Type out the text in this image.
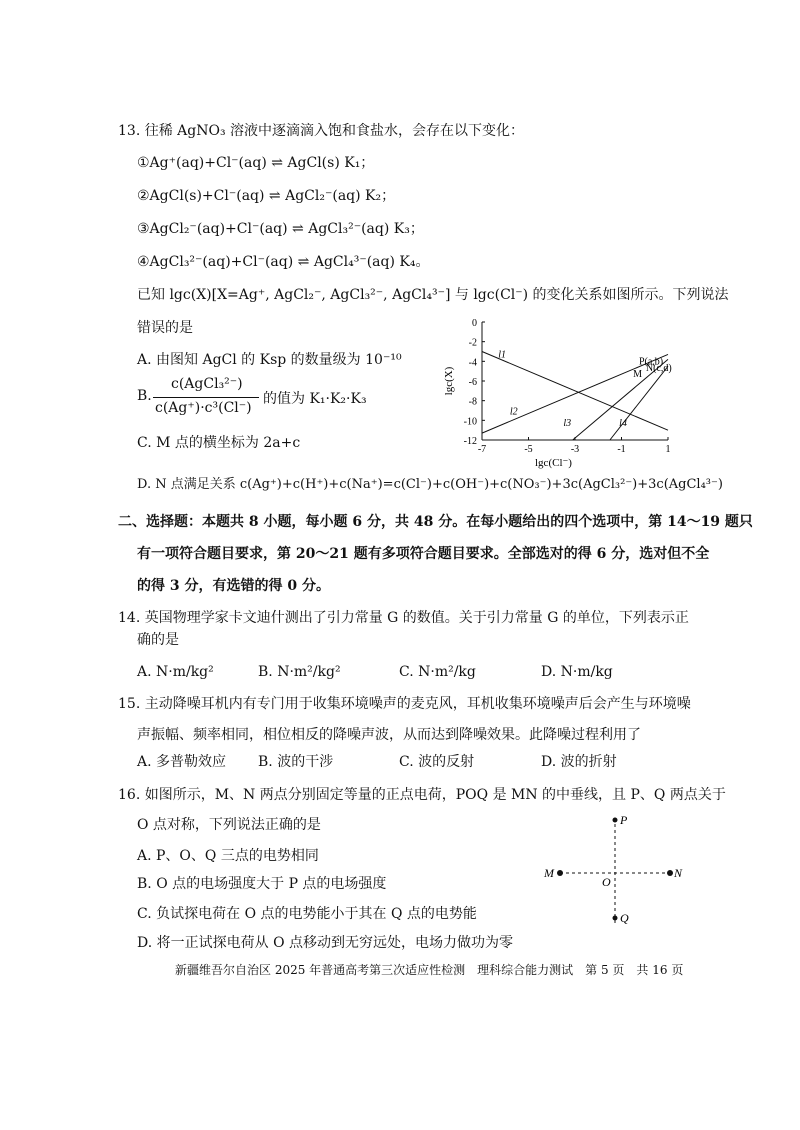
13. 往稀 AgNO₃ 溶液中逐滴滴入饱和食盐水，会存在以下变化：
①Ag⁺(aq)+Cl⁻(aq) ⇌ AgCl(s) K₁；
②AgCl(s)+Cl⁻(aq) ⇌ AgCl₂⁻(aq) K₂；
③AgCl₂⁻(aq)+Cl⁻(aq) ⇌ AgCl₃²⁻(aq) K₃；
④AgCl₃²⁻(aq)+Cl⁻(aq) ⇌ AgCl₄³⁻(aq) K₄。
已知 lgc(X)[X=Ag⁺, AgCl₂⁻, AgCl₃²⁻, AgCl₄³⁻] 与 lgc(Cl⁻) 的变化关系如图所示。下列说法
错误的是
A. 由图知 AgCl 的 Ksp 的数量级为 10⁻¹⁰
B.
c(AgCl₃²⁻)
c(Ag⁺)·c³(Cl⁻)
的值为 K₁·K₂·K₃
C. M 点的横坐标为 2a+c
D. N 点满足关系 c(Ag⁺)+c(H⁺)+c(Na⁺)=c(Cl⁻)+c(OH⁻)+c(NO₃⁻)+3c(AgCl₃²⁻)+3c(AgCl₄³⁻)
0
-2
-4
-6
-8
-10
-12
-7	-5	-3	-1	1
l1
l2
l3	l4
P(a,b)
N(c,d)
M
lgc(Cl⁻)
lgc(X)
二、选择题：本题共 8 小题，每小题 6 分，共 48 分。在每小题给出的四个选项中，第 14～19 题只
有一项符合题目要求，第 20～21 题有多项符合题目要求。全部选对的得 6 分，选对但不全
的得 3 分，有选错的得 0 分。
14. 英国物理学家卡文迪什测出了引力常量 G 的数值。关于引力常量 G 的单位，下列表示正
确的是
A. N·m/kg²	B. N·m²/kg²	C. N·m²/kg	D. N·m/kg
15. 主动降噪耳机内有专门用于收集环境噪声的麦克风，耳机收集环境噪声后会产生与环境噪
声振幅、频率相同，相位相反的降噪声波，从而达到降噪效果。此降噪过程利用了
A. 多普勒效应 B. 波的干涉	C. 波的反射	D. 波的折射
16. 如图所示，M、N 两点分别固定等量的正点电荷，POQ 是 MN 的中垂线，且 P、Q 两点关于
O 点对称，下列说法正确的是
A. P、O、Q 三点的电势相同
B. O 点的电场强度大于 P 点的电场强度
C. 负试探电荷在 O 点的电势能小于其在 Q 点的电势能
D. 将一正试探电荷从 O 点移动到无穷远处，电场力做功为零
P
O
Q
M	N
新疆维吾尔自治区 2025 年普通高考第三次适应性检测　理科综合能力测试　第 5 页　共 16 页
